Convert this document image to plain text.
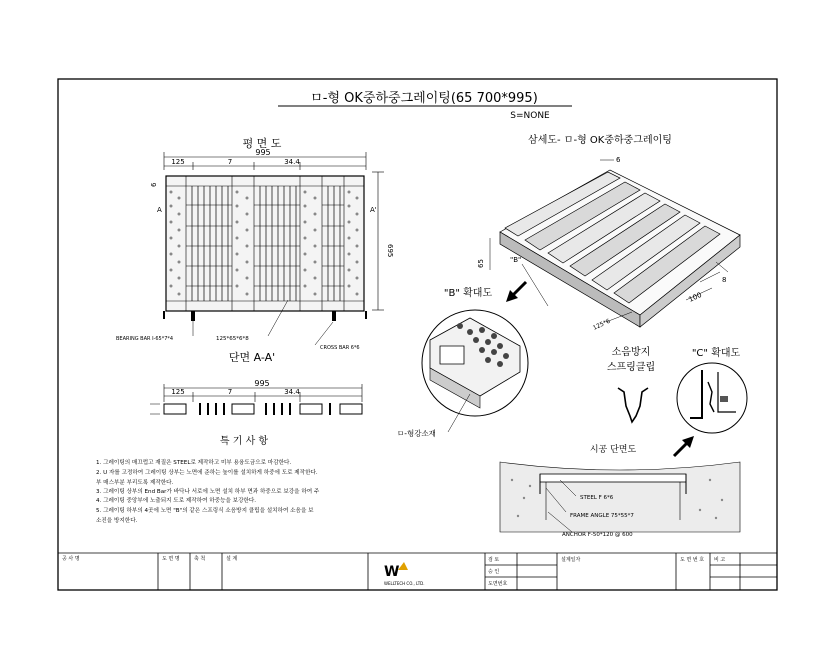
ㅁ-형 OK중하중그레이팅(65 700*995)
S=NONE
평 면 도
995
125	7	34.4
695
6
A	A'
BEARING BAR I-65*7*4	125*65*6*8
CROSS BAR 6*6
단면 A-A'
995
125	7	34.4
특 기 사 항
1. 그레이팅의 매끄럽고 재질은 STEEL로 제작하고 미부 용융도금으로 마감한다.
2. U 자를 고정하여 그레이팅 상부는 노면에 준하는 높이를 설치하게 하중에 도로 제작한다.
부 매스부분 부리도록 제작한다.
3. 그레이팅 상부의 End Bar가 바닥나 서로에 노면 설치 하부 면과 하중으로 보강을 하여 주
4. 그레이팅 중앙부에 노출되지 도로 제작하여 하중능을 보강한다.
5. 그레이팅 하부의 4곳에 노면 "B"의 같은 스프링식 소음방지 클립을 설치하여 소음을 보
소진을 방지한다.
삼세도- ㅁ-형 OK중하중그레이팅
6
65
8
100
125*6
"B"
"B" 확대도
ㅁ-형강소재
소음방지
스프링클립
"C" 확대도
시공 단면도
STEEL F 6*6
FRAME ANGLE 75*55*7
ANCHOR F-50*120 @ 600
공 사 명	도 면 명	축 척	설 계	검 토
승 인
도면번호
설계일자	도 면 번 호 비 고
W
WELLTECH CO., LTD.
